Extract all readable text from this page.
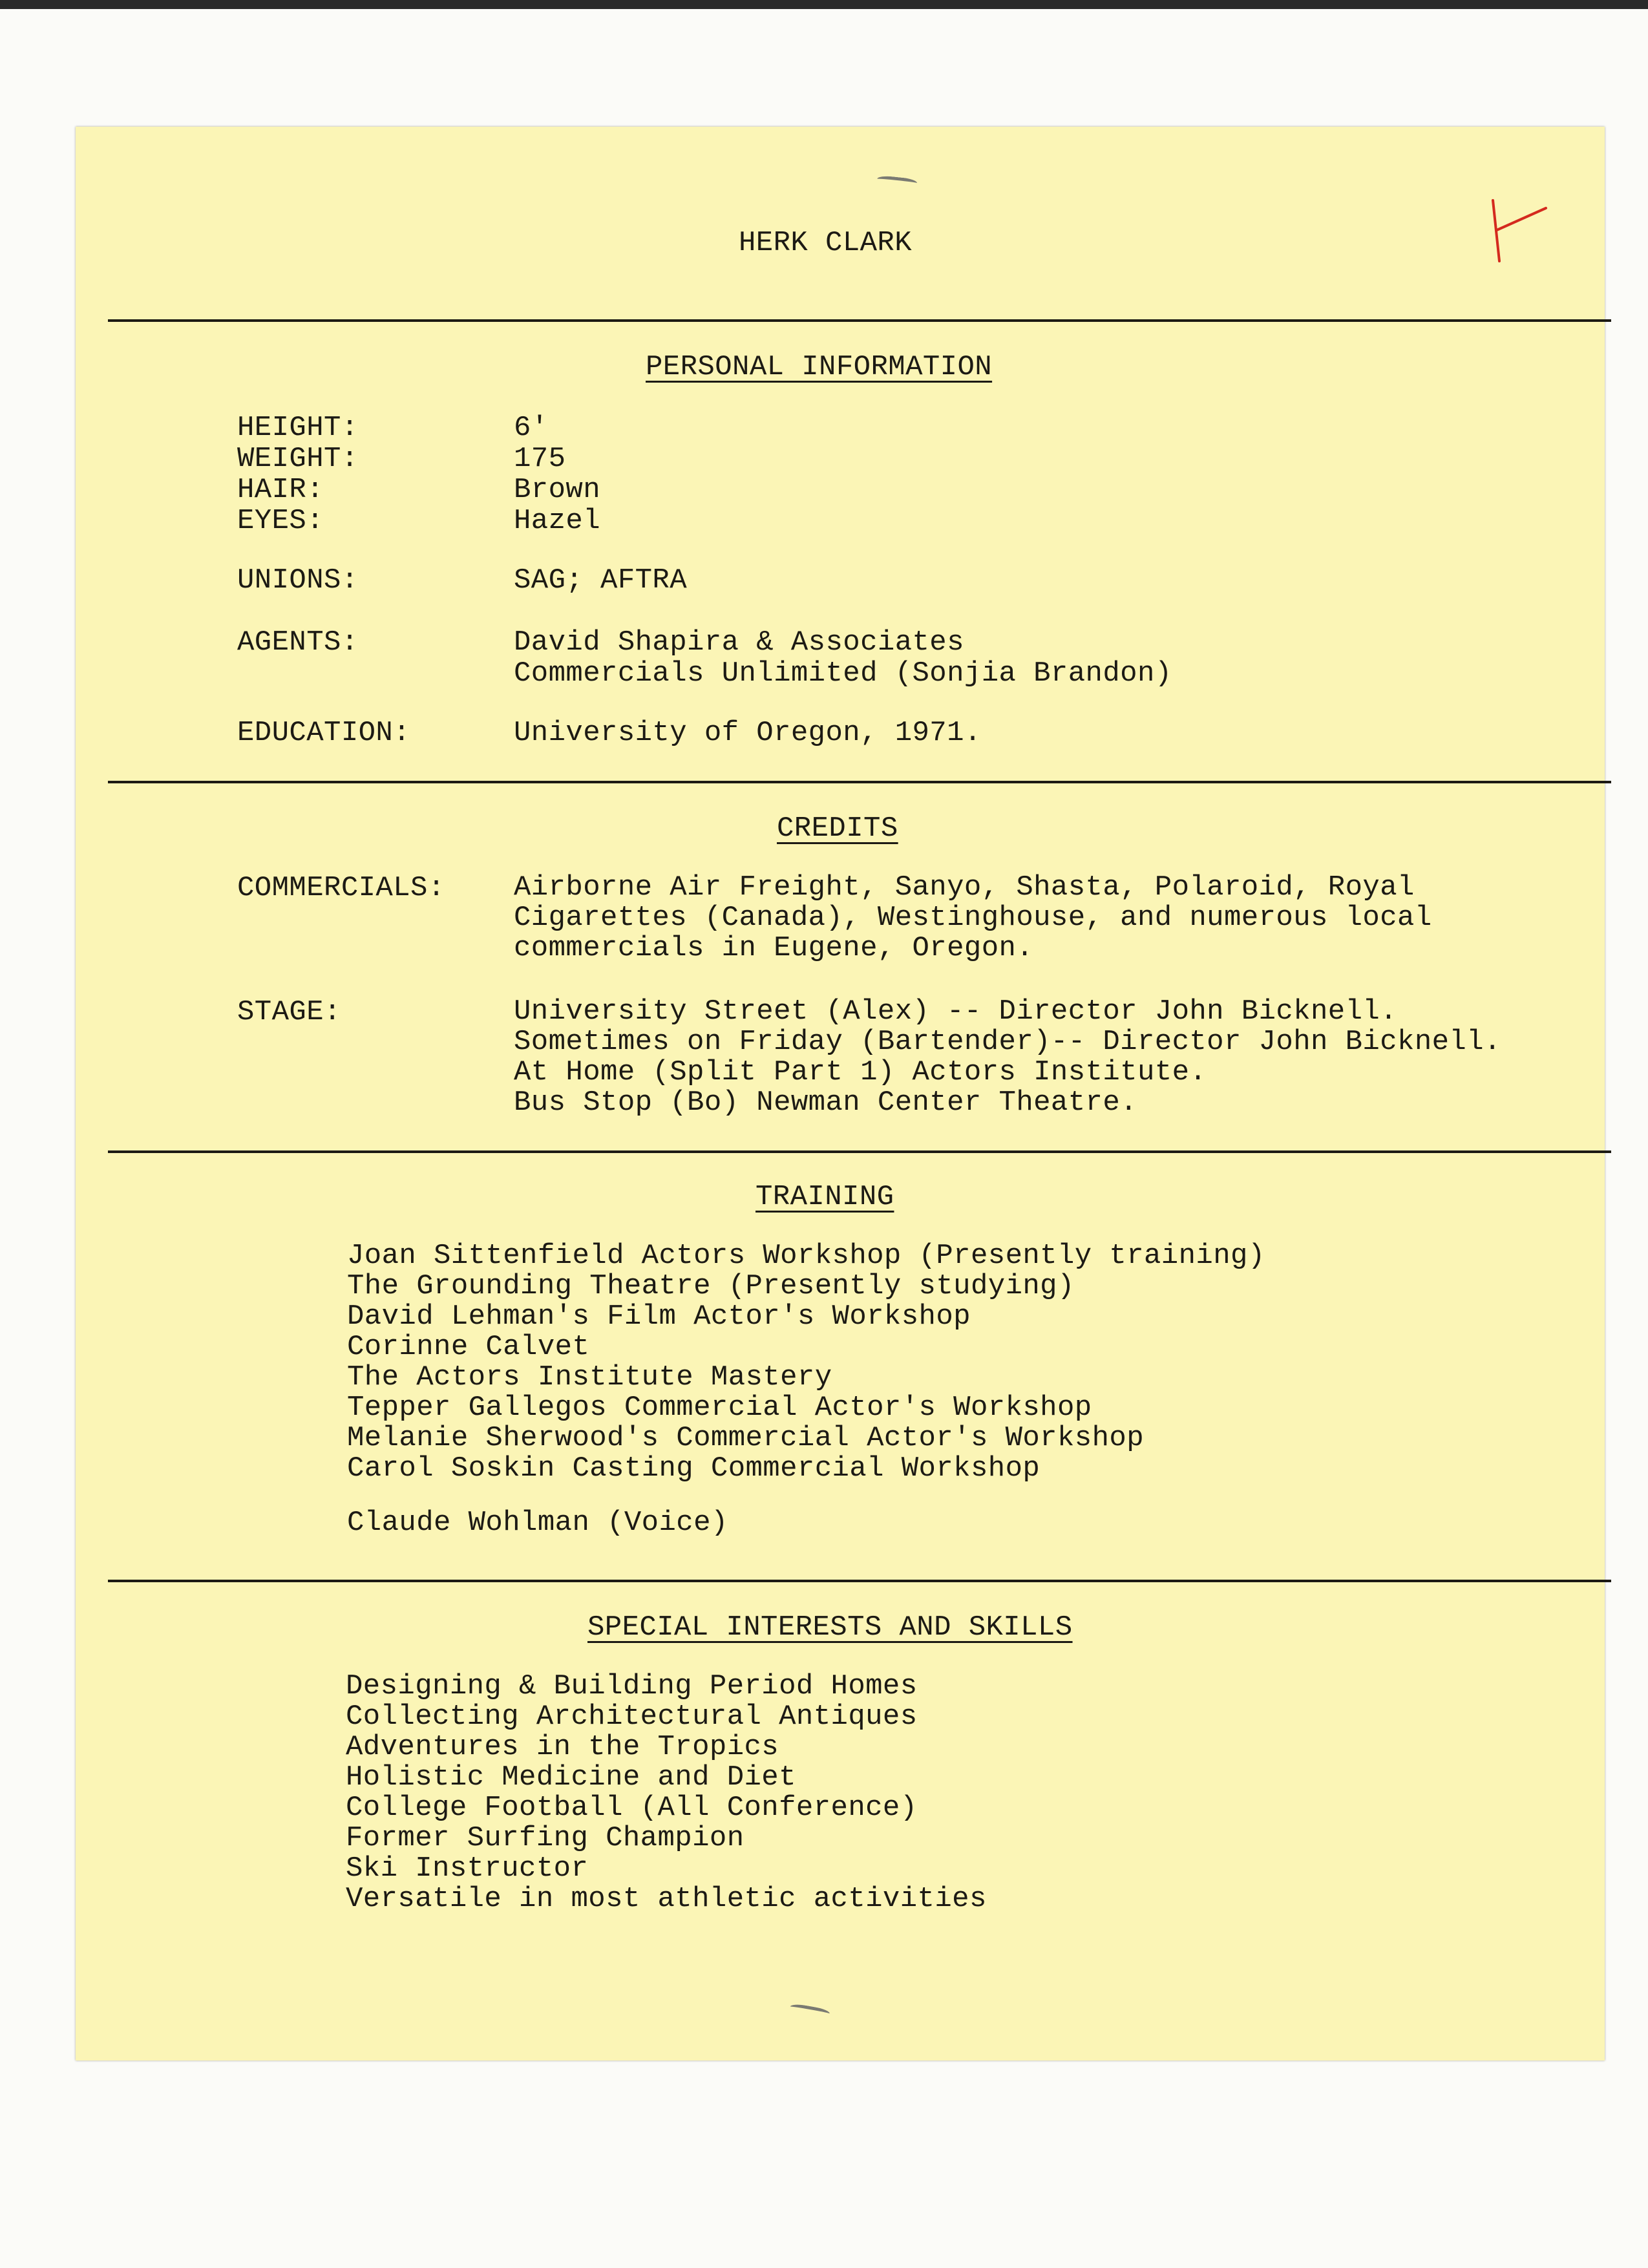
HERK CLARK
PERSONAL INFORMATION
HEIGHT:	6'
WEIGHT:	175
HAIR:	Brown
EYES:	Hazel
UNIONS:	SAG; AFTRA
AGENTS:	David Shapira & Associates
Commercials Unlimited (Sonjia Brandon)
EDUCATION:	University of Oregon, 1971.
CREDITS
COMMERCIALS: Airborne Air Freight, Sanyo, Shasta, Polaroid, Royal
Cigarettes (Canada), Westinghouse, and numerous local
commercials in Eugene, Oregon.
STAGE:	University Street (Alex) -- Director John Bicknell.
Sometimes on Friday (Bartender)-- Director John Bicknell.
At Home (Split Part 1) Actors Institute.
Bus Stop (Bo) Newman Center Theatre.
TRAINING
Joan Sittenfield Actors Workshop (Presently training)
The Grounding Theatre (Presently studying)
David Lehman's Film Actor's Workshop
Corinne Calvet
The Actors Institute Mastery
Tepper Gallegos Commercial Actor's Workshop
Melanie Sherwood's Commercial Actor's Workshop
Carol Soskin Casting Commercial Workshop
Claude Wohlman (Voice)
SPECIAL INTERESTS AND SKILLS
Designing & Building Period Homes
Collecting Architectural Antiques
Adventures in the Tropics
Holistic Medicine and Diet
College Football (All Conference)
Former Surfing Champion
Ski Instructor
Versatile in most athletic activities
